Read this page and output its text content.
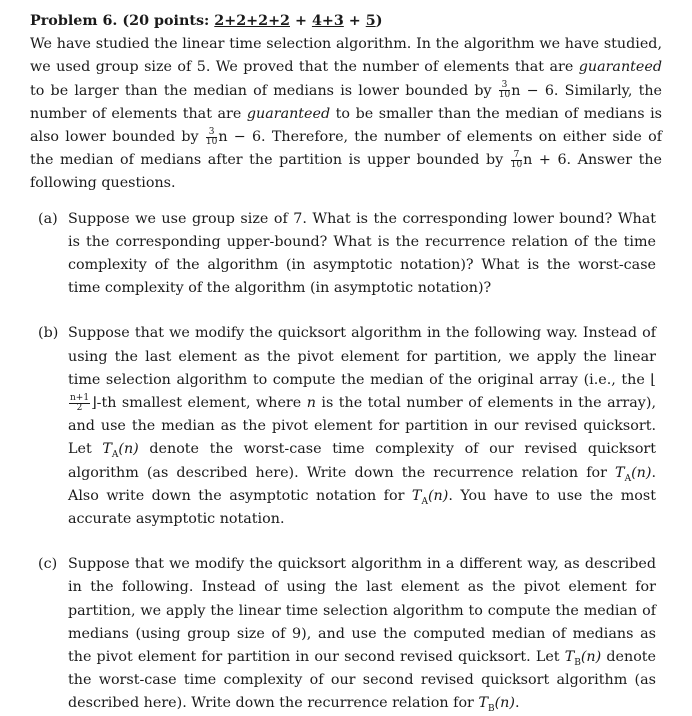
Problem 6. (20 points: 2+2+2+2 + 4+3 + 5)
We have studied the linear time selection algorithm. In the algorithm we have studied, we used group size of 5. We proved that the number of elements that are guaranteed to be larger than the median of medians is lower bounded by $\frac{3}{10}$ n − 6. Similarly, the number of elements that are guaranteed to be smaller than the median of medians is also lower bounded by $\frac{3}{10}$ n − 6. Therefore, the number of elements on either side of the median of medians after the partition is upper bounded by $\frac{7}{10}$ n + 6. Answer the following questions.

(a) Suppose we use group size of 7. What is the corresponding lower bound? What is the corresponding upper-bound? What is the recurrence relation of the time complexity of the algorithm (in asymptotic notation)? What is the worst-case time complexity of the algorithm (in asymptotic notation)?
(b) Suppose that we modify the quicksort algorithm in the following way. Instead of using the last element as the pivot element for partition, we apply the linear time selection algorithm to compute the median of the original array (i.e., the ⌊
$\frac{n+1}{2}$ ⌋-th smallest element, where n is the total number of elements in the array), and use the median as the pivot element for partition in our revised quicksort. Let $T_A(n)$ denote the worst-case time complexity of our revised quicksort algorithm (as described here). Write down the recurrence relation for $T_A(n)$. Also write down the asymptotic notation for $T_A(n)$. You have to use the most accurate asymptotic notation.
(c) Suppose that we modify the quicksort algorithm in a different way, as described in the following. Instead of using the last element as the pivot element for partition, we apply the linear time selection algorithm to compute the median of medians (using group size of 9), and use the computed median of medians as the pivot element for partition in our second revised quicksort. Let $T_B(n)$ denote the worst-case time complexity of our second revised quicksort algorithm (as described here). Write down the recurrence relation for $T_B(n)$.
